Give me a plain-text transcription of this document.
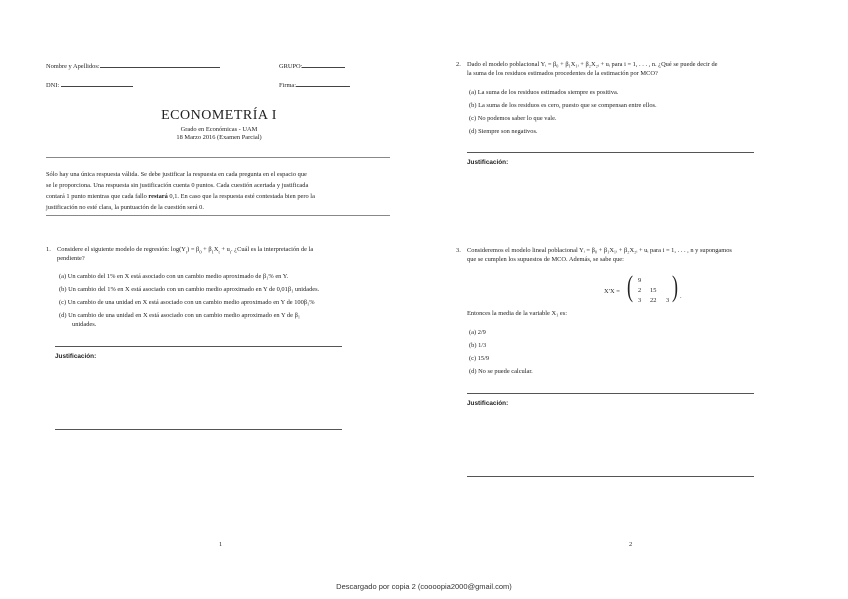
Nombre y Apellidos:	GRUPO:
DNI:	Firma:
ECONOMETRÍA I
Grado en Económicas - UAM
18 Marzo 2016 (Examen Parcial)
Sólo hay una única respuesta válida. Se debe justificar la respuesta en cada pregunta en el espacio que
se le proporciona. Una respuesta sin justificación cuenta 0 puntos. Cada cuestión acertada y justificada
contará 1 punto mientras que cada fallo restará 0,1. En caso que la respuesta esté contestada bien pero la
justificación no esté clara, la puntuación de la cuestión será 0.
1. Considere el siguiente modelo de regresión: $\log(Y_t) = \beta_0 + \beta_1X_t + u_t$. ¿Cuál es la interpretación de la
pendiente?
(a) Un cambio del 1% en X está asociado con un cambio medio aproximado de β₁% en Y.
(b) Un cambio del 1% en X está asociado con un cambio medio aproximado en Y de 0,01β₁ unidades.
(c) Un cambio de una unidad en X está asociado con un cambio medio aproximado en Y de 100β₁%
(d) Un cambio de una unidad en X está asociado con un cambio medio aproximado en Y de β₁
unidades.
Justificación:
1
2. Dado el modelo poblacional Yᵢ = β₀ + β₁X₁ᵢ + β₂X₂ᵢ + uᵢ para i = 1, . . . , n. ¿Qué se puede decir de
la suma de los residuos estimados procedentes de la estimación por MCO?
(a) La suma de los residuos estimados siempre es positiva.
(b) La suma de los residuos es cero, puesto que se compensan entre ellos.
(c) No podemos saber lo que vale.
(d) Siempre son negativos.
Justificación:
3. Consideremos el modelo lineal poblacional Yᵢ = β₀ + β₁X₁ᵢ + β₂X₂ᵢ + uᵢ para i = 1, . . . , n y supongamos
que se cumplen los supuestos de MCO. Además, se sabe que:
X′X = ( 9
2 15
3 22 3 ) .
Entonces la media de la variable X₁ es:
(a) 2/9
(b) 1/3
(c) 15/9
(d) No se puede calcular.
Justificación:
2
Descargado por copia 2 (coooopia2000@gmail.com)
